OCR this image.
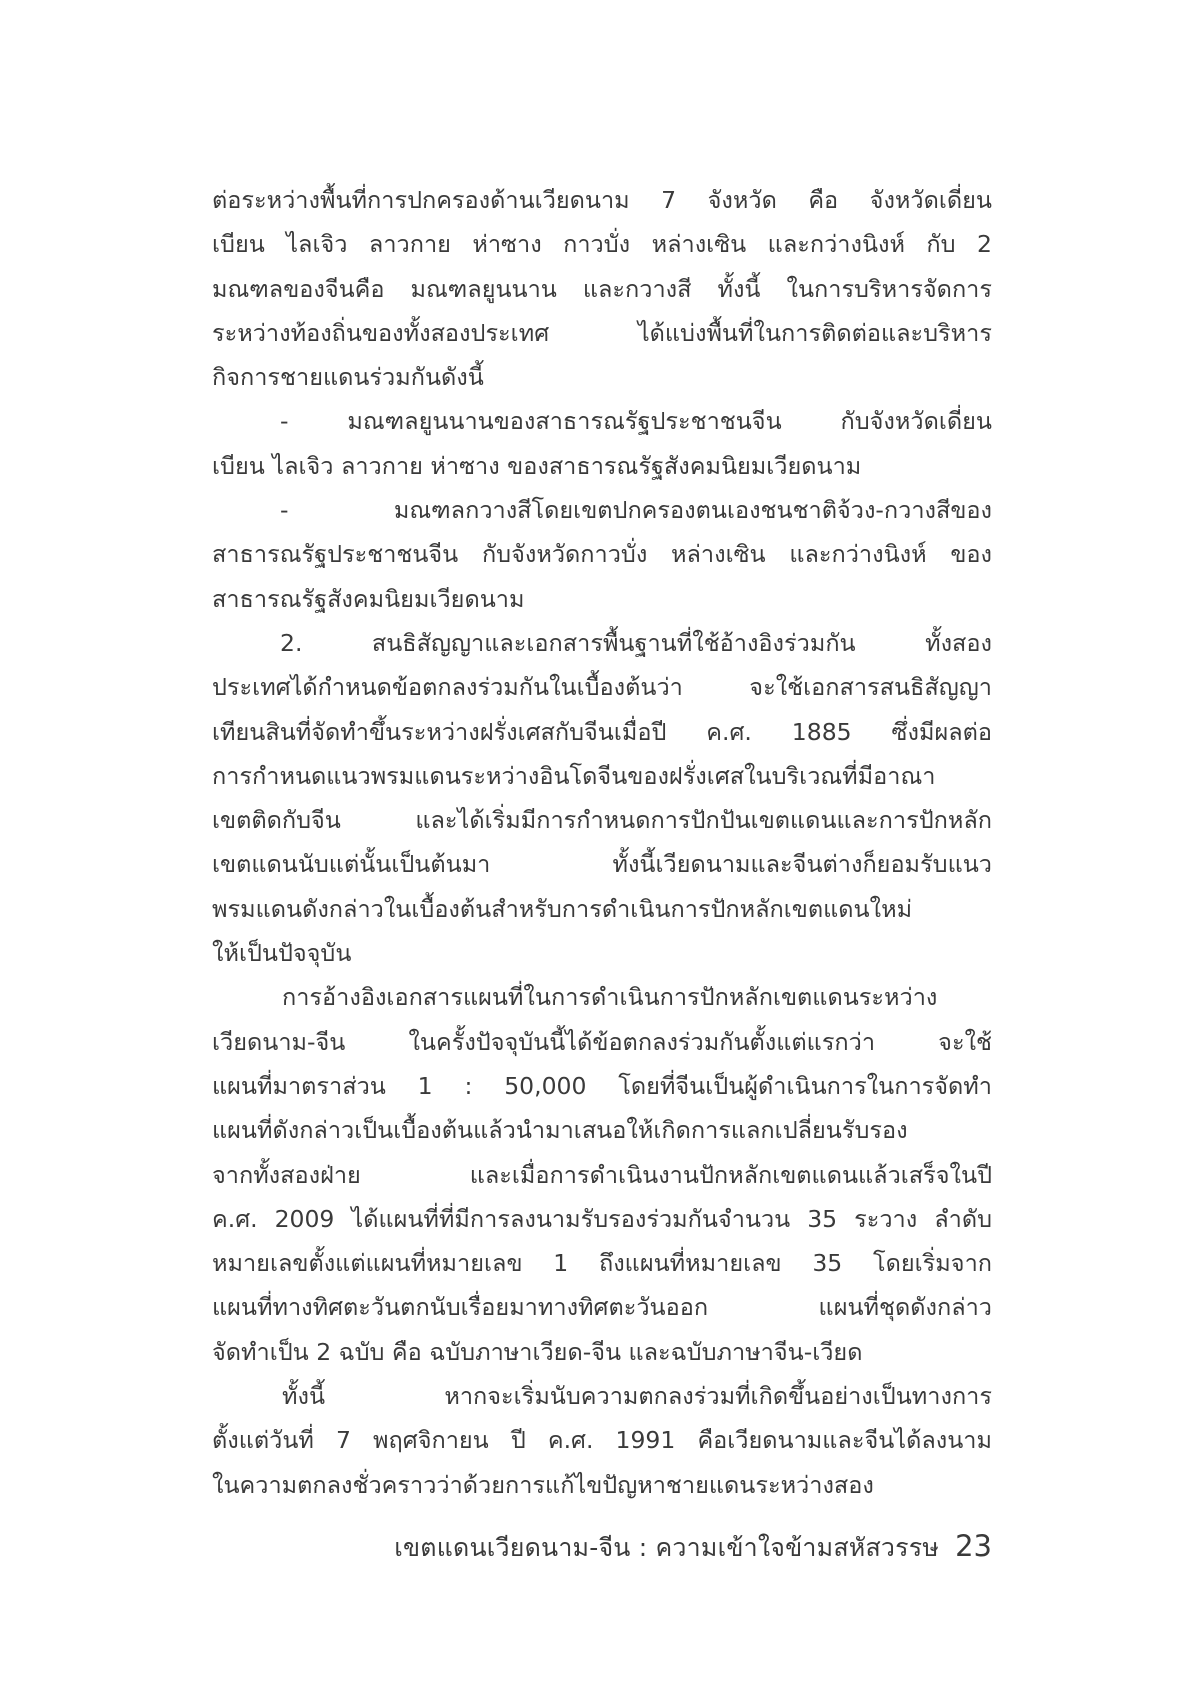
ต่อระหว่างพื้นที่การปกครองด้านเวียดนาม 7 จังหวัด คือ จังหวัดเดี่ยน
เบียน ไลเจิว ลาวกาย ห่าซาง กาวบั่ง หล่างเซิน และกว่างนิงห์ กับ 2
มณฑลของจีนคือ มณฑลยูนนาน และกวางสี ทั้งนี้ ในการบริหารจัดการ
ระหว่างท้องถิ่นของทั้งสองประเทศ ได้แบ่งพื้นที่ในการติดต่อและบริหาร
กิจการชายแดนร่วมกันดังนี้
- มณฑลยูนนานของสาธารณรัฐประชาชนจีน กับจังหวัดเดี่ยน
เบียน ไลเจิว ลาวกาย ห่าซาง ของสาธารณรัฐสังคมนิยมเวียดนาม
- มณฑลกวางสีโดยเขตปกครองตนเองชนชาติจ้วง-กวางสีของ
สาธารณรัฐประชาชนจีน กับจังหวัดกาวบั่ง หล่างเซิน และกว่างนิงห์ ของ
สาธารณรัฐสังคมนิยมเวียดนาม
2. สนธิสัญญาและเอกสารพื้นฐานที่ใช้อ้างอิงร่วมกัน ทั้งสอง
ประเทศได้กำหนดข้อตกลงร่วมกันในเบื้องต้นว่า จะใช้เอกสารสนธิสัญญา
เทียนสินที่จัดทำขึ้นระหว่างฝรั่งเศสกับจีนเมื่อปี ค.ศ. 1885 ซึ่งมีผลต่อ
การกำหนดแนวพรมแดนระหว่างอินโดจีนของฝรั่งเศสในบริเวณที่มีอาณา
เขตติดกับจีน และได้เริ่มมีการกำหนดการปักปันเขตแดนและการปักหลัก
เขตแดนนับแต่นั้นเป็นต้นมา ทั้งนี้เวียดนามและจีนต่างก็ยอมรับแนว
พรมแดนดังกล่าวในเบื้องต้นสำหรับการดำเนินการปักหลักเขตแดนใหม่
ให้เป็นปัจจุบัน
การอ้างอิงเอกสารแผนที่ในการดำเนินการปักหลักเขตแดนระหว่าง
เวียดนาม-จีน ในครั้งปัจจุบันนี้ได้ข้อตกลงร่วมกันตั้งแต่แรกว่า จะใช้
แผนที่มาตราส่วน 1 : 50,000 โดยที่จีนเป็นผู้ดำเนินการในการจัดทำ
แผนที่ดังกล่าวเป็นเบื้องต้นแล้วนำมาเสนอให้เกิดการแลกเปลี่ยนรับรอง
จากทั้งสองฝ่าย และเมื่อการดำเนินงานปักหลักเขตแดนแล้วเสร็จในปี
ค.ศ. 2009 ได้แผนที่ที่มีการลงนามรับรองร่วมกันจำนวน 35 ระวาง ลำดับ
หมายเลขตั้งแต่แผนที่หมายเลข 1 ถึงแผนที่หมายเลข 35 โดยเริ่มจาก
แผนที่ทางทิศตะวันตกนับเรื่อยมาทางทิศตะวันออก แผนที่ชุดดังกล่าว
จัดทำเป็น 2 ฉบับ คือ ฉบับภาษาเวียด-จีน และฉบับภาษาจีน-เวียด
ทั้งนี้ หากจะเริ่มนับความตกลงร่วมที่เกิดขึ้นอย่างเป็นทางการ
ตั้งแต่วันที่ 7 พฤศจิกายน ปี ค.ศ. 1991 คือเวียดนามและจีนได้ลงนาม
ในความตกลงชั่วคราวว่าด้วยการแก้ไขปัญหาชายแดนระหว่างสอง
เขตแดนเวียดนาม-จีน : ความเข้าใจข้ามสหัสวรรษ 23
